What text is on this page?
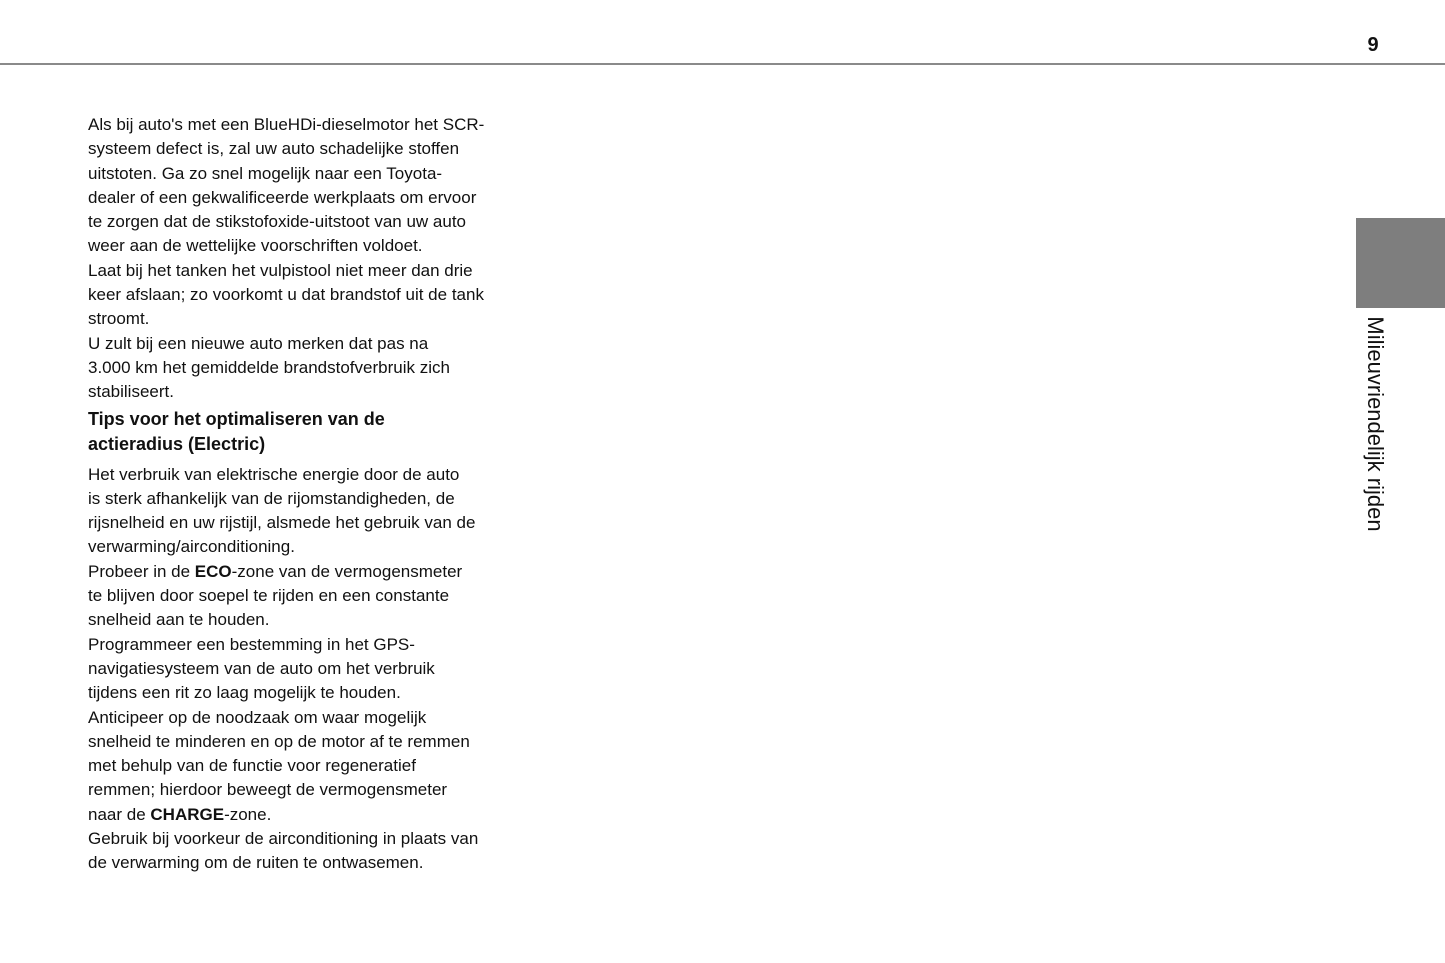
9
Milieuvriendelijk rijden

Als bij auto's met een BlueHDi-dieselmotor het SCR-
systeem defect is, zal uw auto schadelijke stoffen
uitstoten. Ga zo snel mogelijk naar een Toyota-
dealer of een gekwalificeerde werkplaats om ervoor
te zorgen dat de stikstofoxide-uitstoot van uw auto
weer aan de wettelijke voorschriften voldoet.

Laat bij het tanken het vulpistool niet meer dan drie
keer afslaan; zo voorkomt u dat brandstof uit de tank
stroomt.

U zult bij een nieuwe auto merken dat pas na
3.000 km het gemiddelde brandstofverbruik zich
stabiliseert.

Tips voor het optimaliseren van de
actieradius (Electric)

Het verbruik van elektrische energie door de auto
is sterk afhankelijk van de rijomstandigheden, de
rijsnelheid en uw rijstijl, alsmede het gebruik van de
verwarming/airconditioning.

Probeer in de ECO-zone van de vermogensmeter
te blijven door soepel te rijden en een constante
snelheid aan te houden.

Programmeer een bestemming in het GPS-
navigatiesysteem van de auto om het verbruik
tijdens een rit zo laag mogelijk te houden.

Anticipeer op de noodzaak om waar mogelijk
snelheid te minderen en op de motor af te remmen
met behulp van de functie voor regeneratief
remmen; hierdoor beweegt de vermogensmeter
naar de CHARGE-zone.

Gebruik bij voorkeur de airconditioning in plaats van
de verwarming om de ruiten te ontwasemen.
